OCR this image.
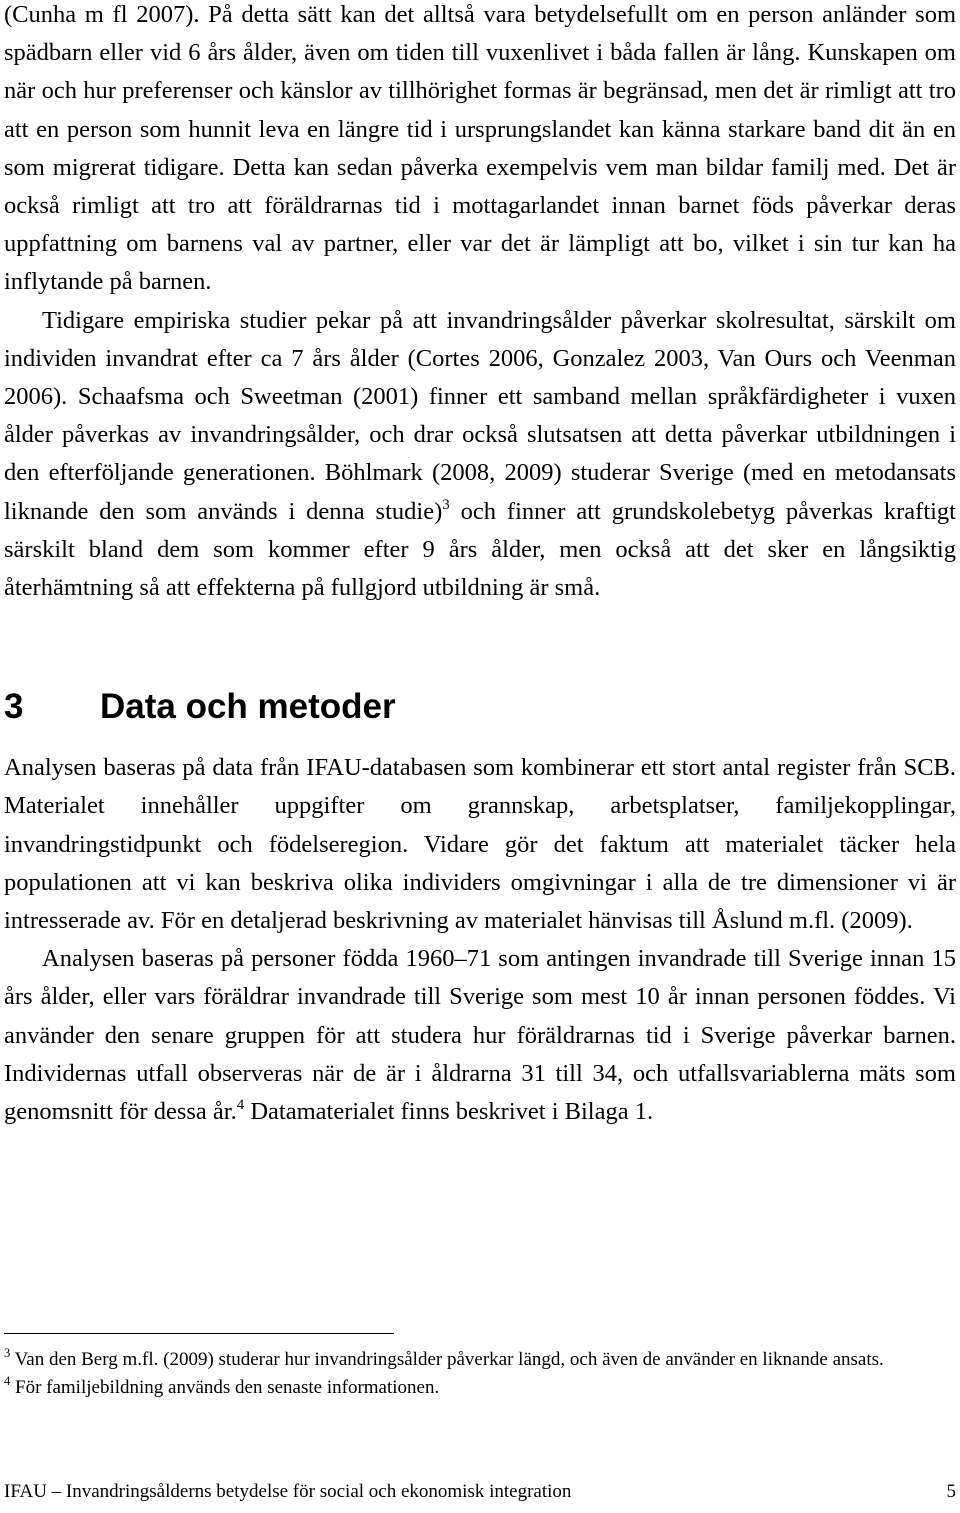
(Cunha m fl 2007). På detta sätt kan det alltså vara betydelsefullt om en person anländer som spädbarn eller vid 6 års ålder, även om tiden till vuxenlivet i båda fallen är lång. Kunskapen om när och hur preferenser och känslor av tillhörighet formas är begränsad, men det är rimligt att tro att en person som hunnit leva en längre tid i ursprungslandet kan känna starkare band dit än en som migrerat tidigare. Detta kan sedan påverka exempelvis vem man bildar familj med. Det är också rimligt att tro att föräldrarnas tid i mottagarlandet innan barnet föds påverkar deras uppfattning om barnens val av partner, eller var det är lämpligt att bo, vilket i sin tur kan ha inflytande på barnen.

Tidigare empiriska studier pekar på att invandringsålder påverkar skolresultat, särskilt om individen invandrat efter ca 7 års ålder (Cortes 2006, Gonzalez 2003, Van Ours och Veenman 2006). Schaafsma och Sweetman (2001) finner ett samband mellan språkfärdigheter i vuxen ålder påverkas av invandringsålder, och drar också slutsatsen att detta påverkar utbildningen i den efterföljande generationen. Böhlmark (2008, 2009) studerar Sverige (med en metodansats liknande den som används i denna studie)$^3$ och finner att grundskolebetyg påverkas kraftigt särskilt bland dem som kommer efter 9 års ålder, men också att det sker en långsiktig återhämtning så att effekterna på fullgjord utbildning är små.

3	Data och metoder

Analysen baseras på data från IFAU-databasen som kombinerar ett stort antal register från SCB. Materialet innehåller uppgifter om grannskap, arbetsplatser, familjekopplingar, invandringstidpunkt och födelseregion. Vidare gör det faktum att materialet täcker hela populationen att vi kan beskriva olika individers omgivningar i alla de tre dimensioner vi är intresserade av. För en detaljerad beskrivning av materialet hänvisas till Åslund m.fl. (2009).

Analysen baseras på personer födda 1960–71 som antingen invandrade till Sverige innan 15 års ålder, eller vars föräldrar invandrade till Sverige som mest 10 år innan personen föddes. Vi använder den senare gruppen för att studera hur föräldrarnas tid i Sverige påverkar barnen. Individernas utfall observeras när de är i åldrarna 31 till 34, och utfallsvariablerna mäts som genomsnitt för dessa år.$^4$ Datamaterialet finns beskrivet i Bilaga 1.

$^3$ Van den Berg m.fl. (2009) studerar hur invandringsålder påverkar längd, och även de använder en liknande ansats.

$^4$ För familjebildning används den senaste informationen.

IFAU – Invandringsålderns betydelse för social och ekonomisk integration	5
